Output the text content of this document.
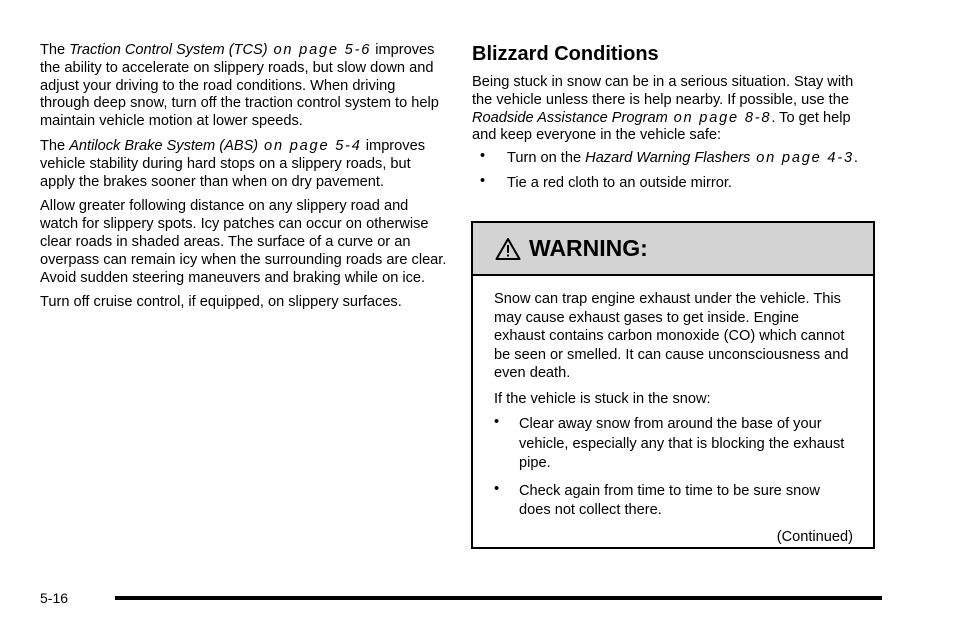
The Traction Control System (TCS) on page 5-6 improves the ability to accelerate on slippery roads, but slow down and adjust your driving to the road conditions. When driving through deep snow, turn off the traction control system to help maintain vehicle motion at lower speeds.

The Antilock Brake System (ABS) on page 5-4 improves vehicle stability during hard stops on a slippery roads, but apply the brakes sooner than when on dry pavement.

Allow greater following distance on any slippery road and watch for slippery spots. Icy patches can occur on otherwise clear roads in shaded areas. The surface of a curve or an overpass can remain icy when the surrounding roads are clear. Avoid sudden steering maneuvers and braking while on ice.

Turn off cruise control, if equipped, on slippery surfaces.

Blizzard Conditions

Being stuck in snow can be in a serious situation. Stay with the vehicle unless there is help nearby. If possible, use the Roadside Assistance Program on page 8-8. To get help and keep everyone in the vehicle safe:

• Turn on the Hazard Warning Flashers on page 4-3.
• Tie a red cloth to an outside mirror.
WARNING:

Snow can trap engine exhaust under the vehicle. This may cause exhaust gases to get inside. Engine exhaust contains carbon monoxide (CO) which cannot be seen or smelled. It can cause unconsciousness and even death.

If the vehicle is stuck in the snow:

• Clear away snow from around the base of your vehicle, especially any that is blocking the exhaust pipe.
• Check again from time to time to be sure snow does not collect there.
(Continued)
5-16
